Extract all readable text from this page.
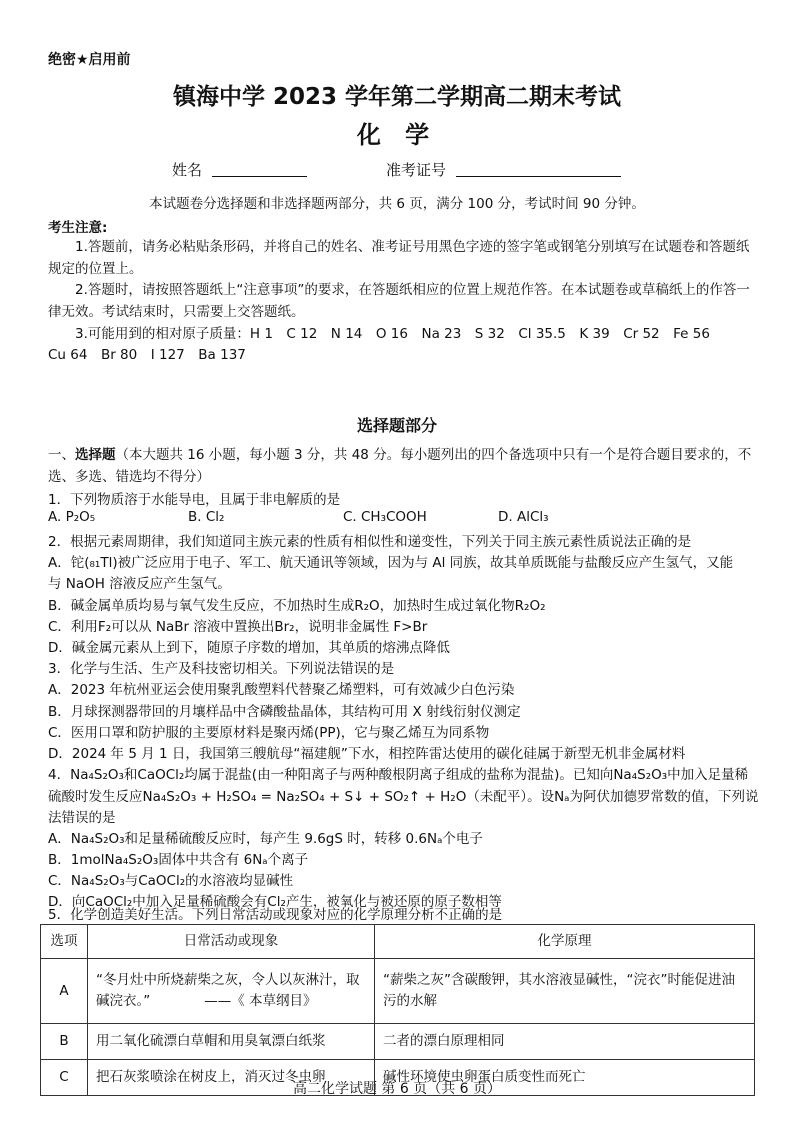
绝密★启用前
镇海中学 2023 学年第二学期高二期末考试
化 学
姓名	准考证号
本试题卷分选择题和非选择题两部分，共 6 页，满分 100 分，考试时间 90 分钟。
考生注意:
1.答题前，请务必粘贴条形码，并将自己的姓名、准考证号用黑色字迹的签字笔或钢笔分别填写在试题卷和答题纸规定的位置上。
2.答题时，请按照答题纸上“注意事项”的要求，在答题纸相应的位置上规范作答。在本试题卷或草稿纸上的作答一律无效。考试结束时，只需要上交答题纸。
3.可能用到的相对原子质量：H 1　C 12　N 14　O 16　Na 23　S 32　Cl 35.5　K 39　Cr 52　Fe 56
Cu 64　Br 80　I 127　Ba 137
选择题部分
一、选择题（本大题共 16 小题，每小题 3 分，共 48 分。每小题列出的四个备选项中只有一个是符合题目要求的，不选、多选、错选均不得分）
1．下列物质溶于水能导电，且属于非电解质的是
A. P₂O₅	B. Cl₂	C. CH₃COOH	D. AlCl₃
2．根据元素周期律，我们知道同主族元素的性质有相似性和递变性，下列关于同主族元素性质说法正确的是
A．铊(₈₁Tl)被广泛应用于电子、军工、航天通讯等领域，因为与 Al 同族，故其单质既能与盐酸反应产生氢气，又能
与 NaOH 溶液反应产生氢气。
B．碱金属单质均易与氧气发生反应，不加热时生成R₂O，加热时生成过氧化物R₂O₂
C．利用F₂可以从 NaBr 溶液中置换出Br₂，说明非金属性 F>Br
D．碱金属元素从上到下，随原子序数的增加，其单质的熔沸点降低
3．化学与生活、生产及科技密切相关。下列说法错误的是
A．2023 年杭州亚运会使用聚乳酸塑料代替聚乙烯塑料，可有效减少白色污染
B．月球探测器带回的月壤样品中含磷酸盐晶体，其结构可用 X 射线衍射仪测定
C．医用口罩和防护服的主要原材料是聚丙烯(PP)，它与聚乙烯互为同系物
D．2024 年 5 月 1 日，我国第三艘航母“福建舰”下水，相控阵雷达使用的碳化硅属于新型无机非金属材料
4．Na₄S₂O₃和CaOCl₂均属于混盐(由一种阳离子与两种酸根阴离子组成的盐称为混盐)。已知向Na₄S₂O₃中加入足量稀
硫酸时发生反应Na₄S₂O₃ + H₂SO₄ = Na₂SO₄ + S↓ + SO₂↑ + H₂O（未配平）。设Nₐ为阿伏加德罗常数的值，下列说
法错误的是
A．Na₄S₂O₃和足量稀硫酸反应时，每产生 9.6gS 时，转移 0.6Nₐ个电子
B．1molNa₄S₂O₃固体中共含有 6Nₐ个离子
C．Na₄S₂O₃与CaOCl₂的水溶液均显碱性
D．向CaOCl₂中加入足量稀硫酸会有Cl₂产生，被氧化与被还原的原子数相等
5．化学创造美好生活。下列日常活动或现象对应的化学原理分析不正确的是
选项	日常活动或现象	化学原理
A	“冬月灶中所烧薪柴之灰，令人以灰淋汁，取碱浣衣。”　　　　——《 本草纲目》	“薪柴之灰”含碳酸钾，其水溶液显碱性，“浣衣”时能促进油污的水解
B	用二氧化硫漂白草帽和用臭氧漂白纸浆	二者的漂白原理相同
C	把石灰浆喷涂在树皮上，消灭过冬虫卵	碱性环境使虫卵蛋白质变性而死亡
高二化学试题 第 6 页（共 6 页）
